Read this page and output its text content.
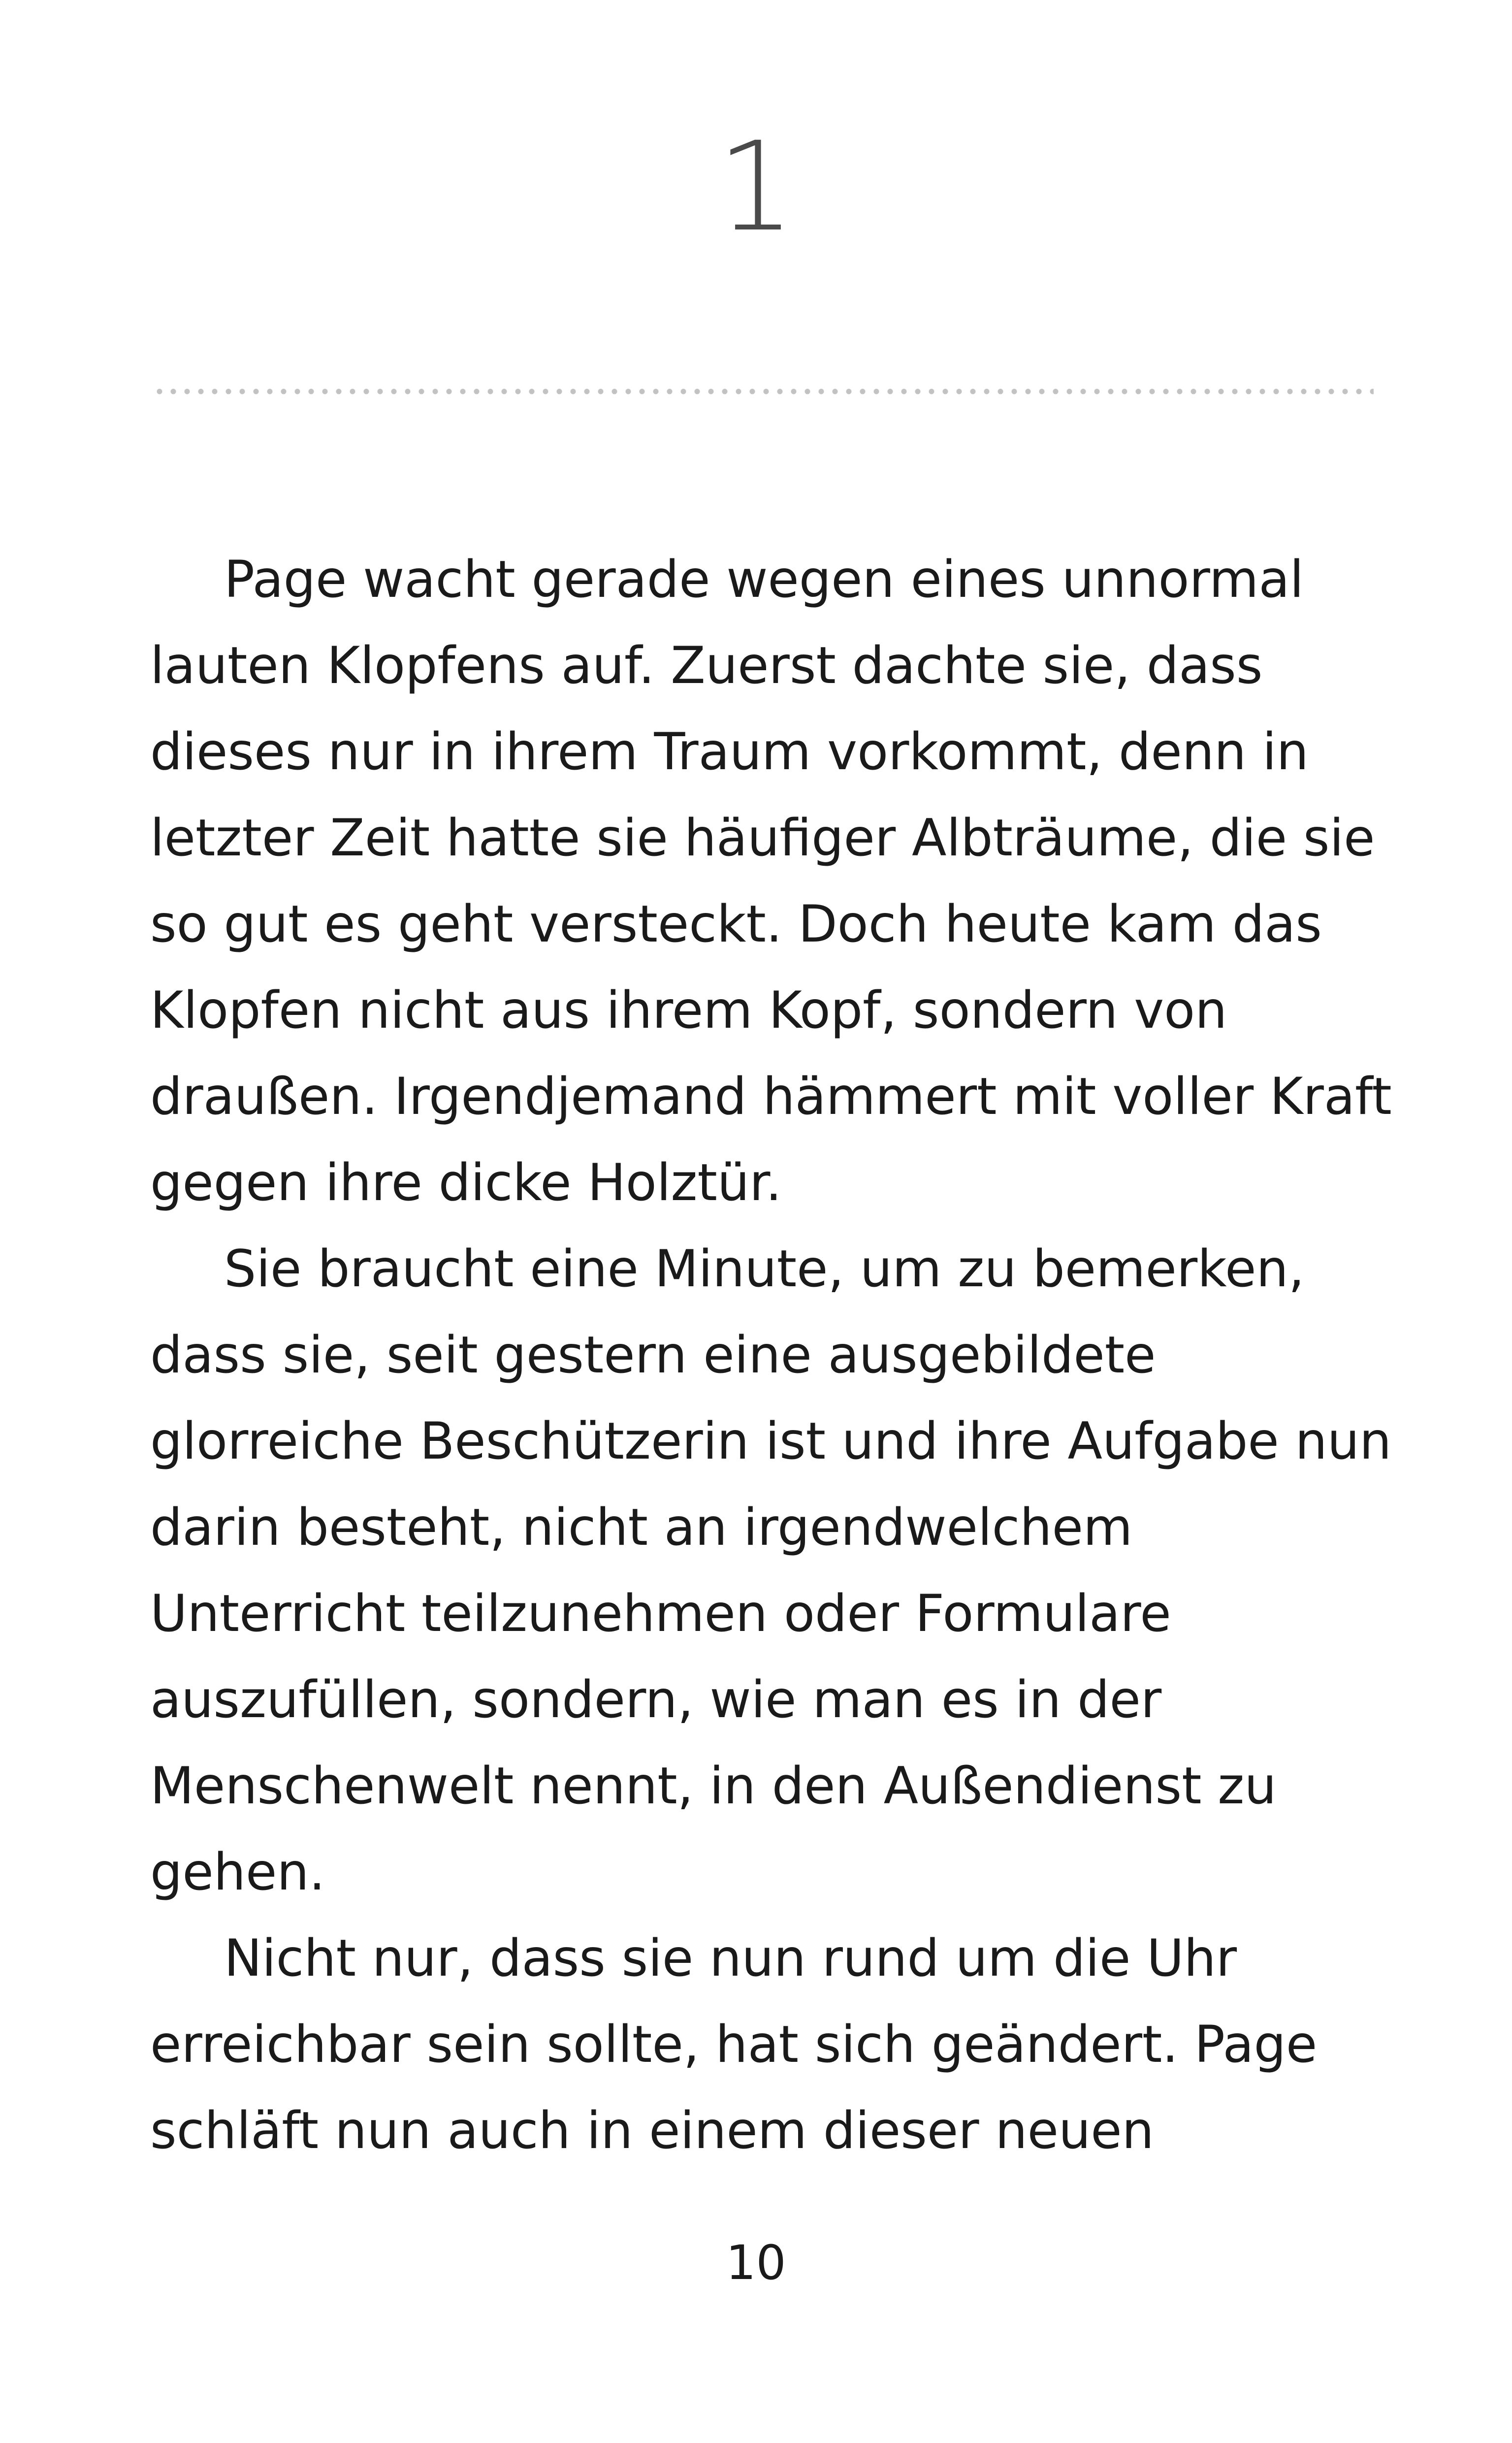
1

Page wacht gerade wegen eines unnormal lauten Klopfens auf. Zuerst dachte sie, dass dieses nur in ihrem Traum vorkommt, denn in letzter Zeit hatte sie häufiger Albträume, die sie so gut es geht versteckt. Doch heute kam das Klopfen nicht aus ihrem Kopf, sondern von draußen. Irgendjemand hämmert mit voller Kraft gegen ihre dicke Holztür.

Sie braucht eine Minute, um zu bemerken, dass sie, seit gestern eine ausgebildete glorreiche Beschützerin ist und ihre Aufgabe nun darin besteht, nicht an irgendwelchem Unterricht teilzunehmen oder Formulare auszufüllen, sondern, wie man es in der Menschenwelt nennt, in den Außendienst zu gehen.

Nicht nur, dass sie nun rund um die Uhr erreichbar sein sollte, hat sich geändert. Page schläft nun auch in einem dieser neuen

10
